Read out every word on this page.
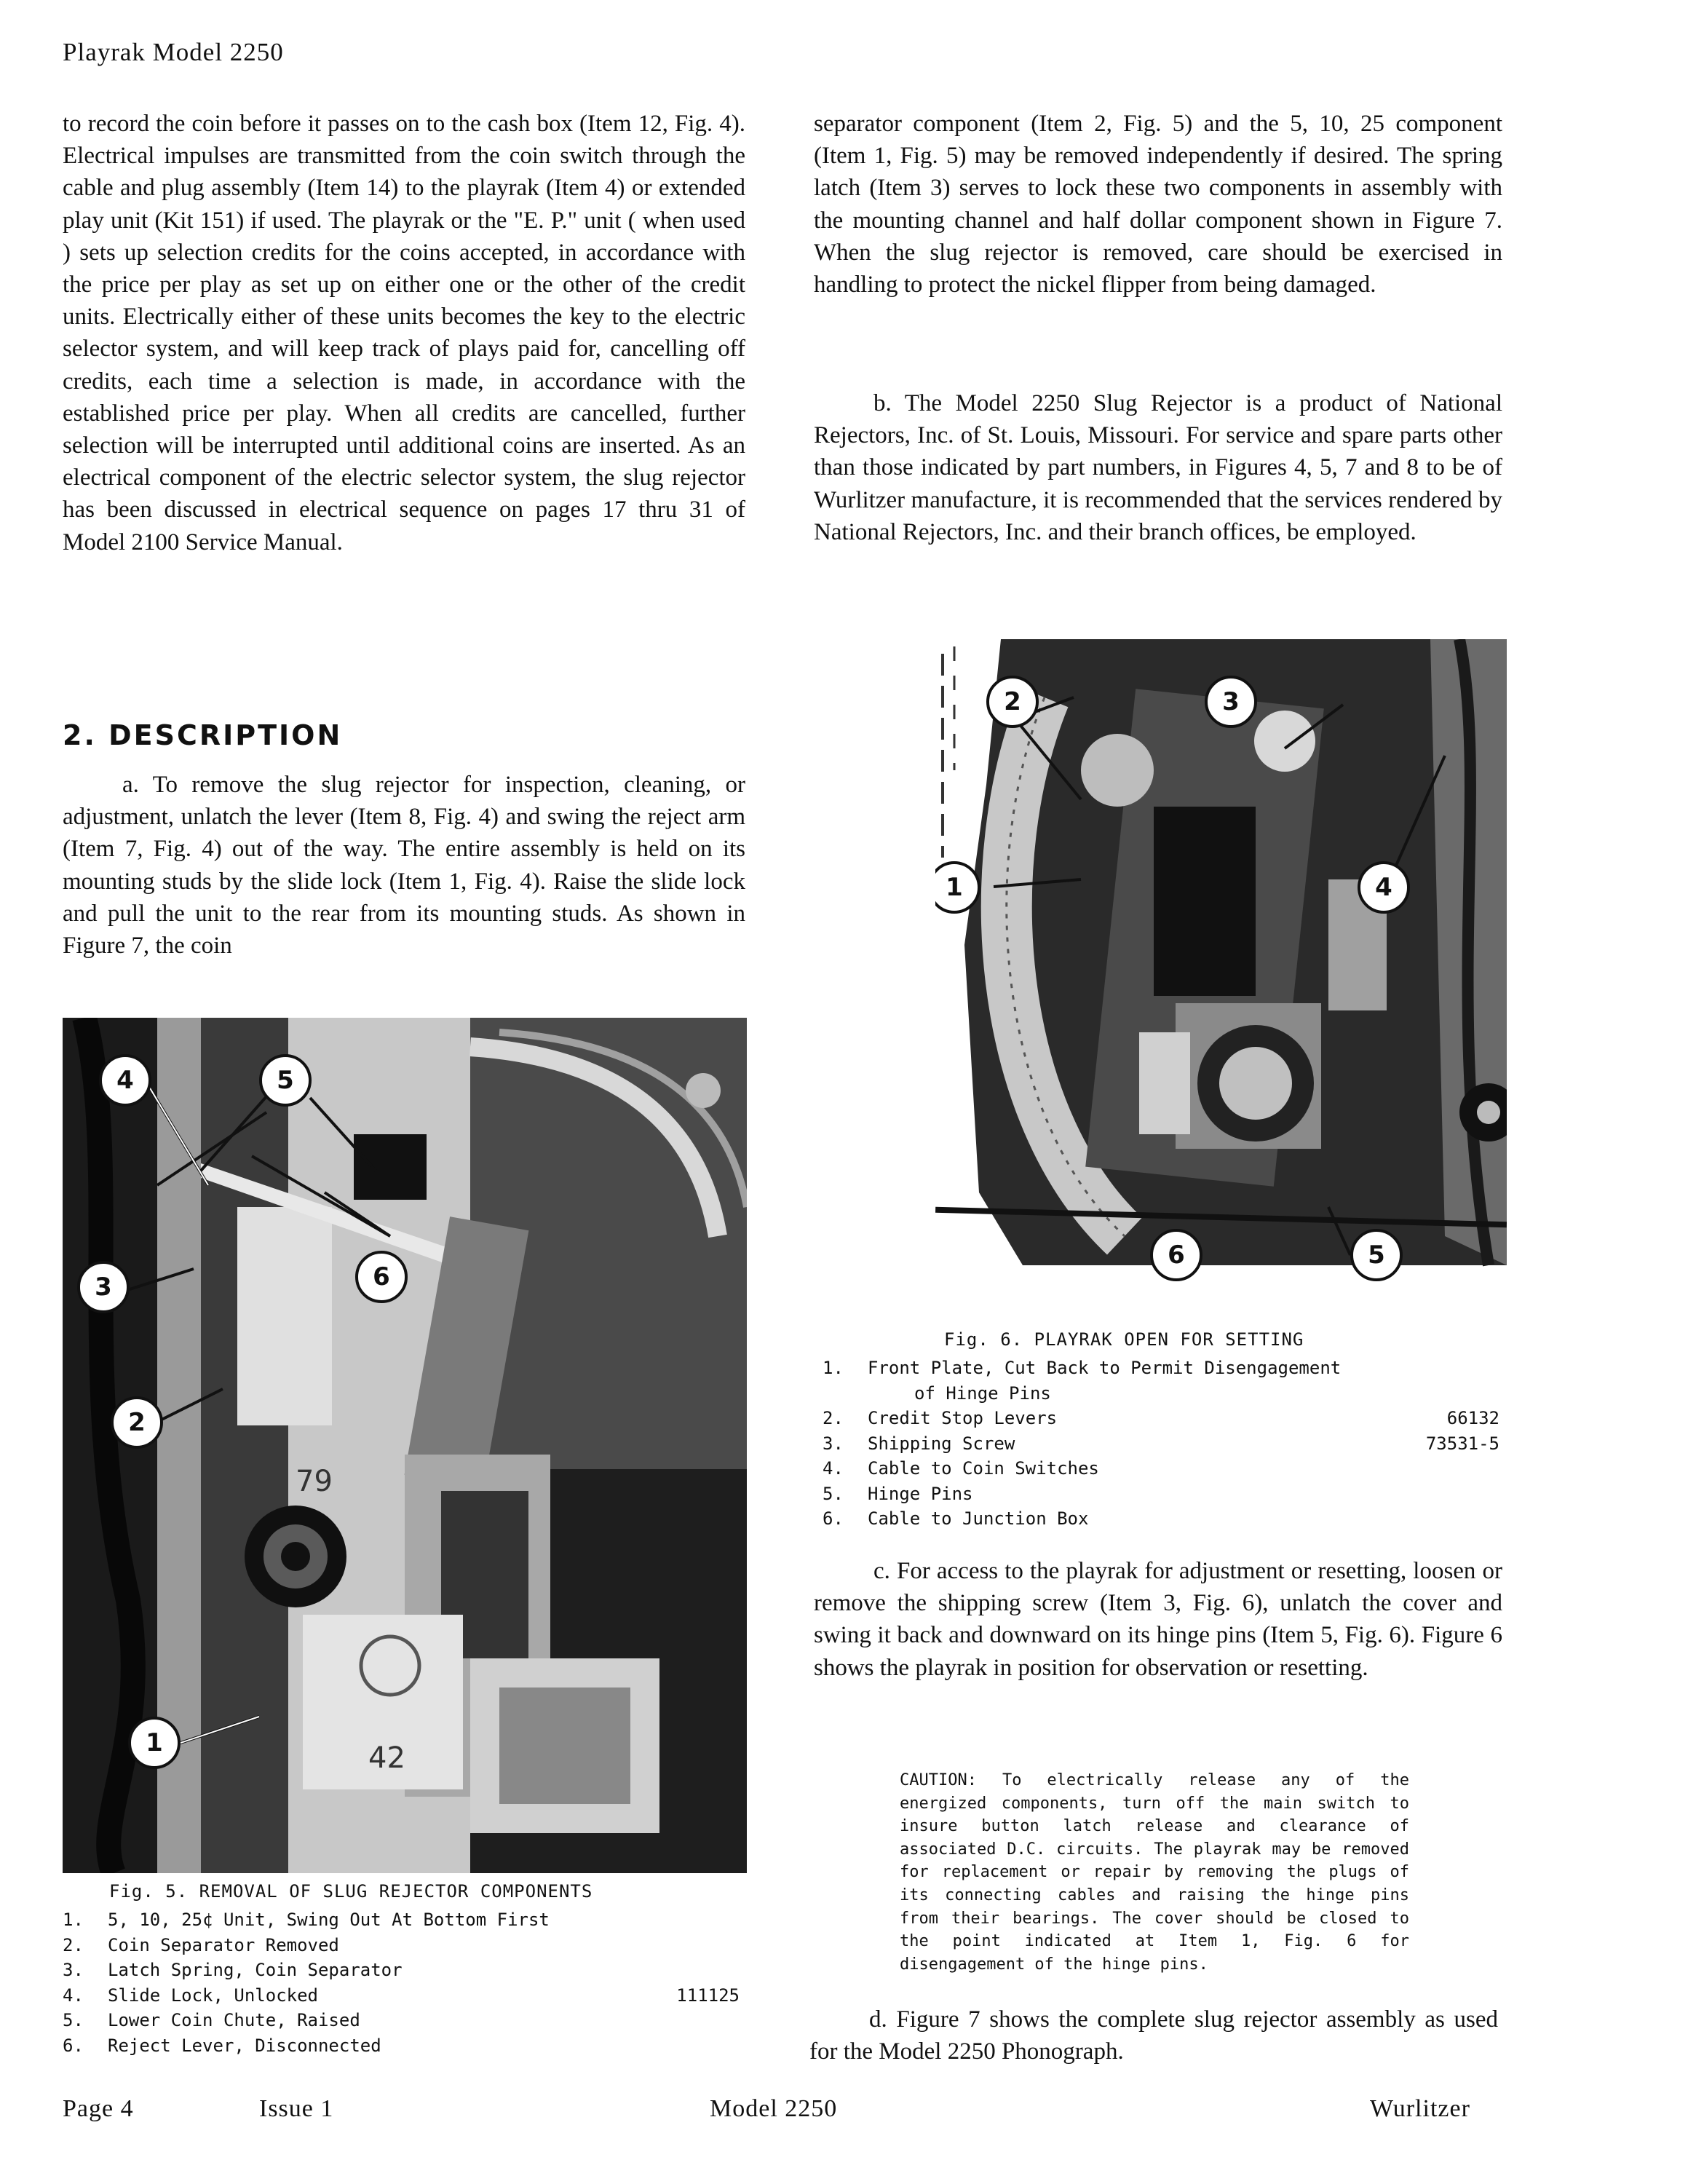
Playrak Model 2250

to record the coin before it passes on to the cash box (Item 12, Fig. 4). Electrical impulses are transmitted from the coin switch through the cable and plug assembly (Item 14) to the playrak (Item 4) or extended play unit (Kit 151) if used. The playrak or the "E. P." unit ( when used ) sets up selection credits for the coins accepted, in accordance with the price per play as set up on either one or the other of the credit units. Electrically either of these units becomes the key to the electric selector system, and will keep track of plays paid for, cancelling off credits, each time a selection is made, in accordance with the established price per play. When all credits are cancelled, further selection will be interrupted until additional coins are inserted. As an electrical component of the electric selector system, the slug rejector has been discussed in electrical sequence on pages 17 thru 31 of Model 2100 Service Manual.

2. DESCRIPTION

a. To remove the slug rejector for inspection, cleaning, or adjustment, unlatch the lever (Item 8, Fig. 4) and swing the reject arm (Item 7, Fig. 4) out of the way. The entire assembly is held on its mounting studs by the slide lock (Item 1, Fig. 4). Raise the slide lock and pull the unit to the rear from its mounting studs. As shown in Figure 7, the coin

42
79
4	5
3	6
2
1
Fig. 5. REMOVAL OF SLUG REJECTOR COMPONENTS
1. 5, 10, 25¢ Unit, Swing Out At Bottom First
2. Coin Separator Removed
3. Latch Spring, Coin Separator
4. Slide Lock, Unlocked	111125
5. Lower Coin Chute, Raised
6. Reject Lever, Disconnected

separator component (Item 2, Fig. 5) and the 5, 10, 25 component (Item 1, Fig. 5) may be removed independently if desired. The spring latch (Item 3) serves to lock these two components in assembly with the mounting channel and half dollar component shown in Figure 7. When the slug rejector is removed, care should be exercised in handling to protect the nickel flipper from being damaged.

b. The Model 2250 Slug Rejector is a product of National Rejectors, Inc. of St. Louis, Missouri. For service and spare parts other than those indicated by part numbers, in Figures 4, 5, 7 and 8 to be of Wurlitzer manufacture, it is recommended that the services rendered by National Rejectors, Inc. and their branch offices, be employed.

2	3
1	4
6	5
Fig. 6. PLAYRAK OPEN FOR SETTING
1. Front Plate, Cut Back to Permit Disengagement
of Hinge Pins
2. Credit Stop Levers	66132
3. Shipping Screw	73531-5
4. Cable to Coin Switches
5. Hinge Pins
6. Cable to Junction Box

c. For access to the playrak for adjustment or resetting, loosen or remove the shipping screw (Item 3, Fig. 6), unlatch the cover and swing it back and downward on its hinge pins (Item 5, Fig. 6). Figure 6 shows the playrak in position for observation or resetting.

CAUTION: To electrically release any of the energized components, turn off the main switch to insure button latch release and clearance of associated D.C. circuits. The playrak may be removed for replacement or repair by removing the plugs of its connecting cables and raising the hinge pins from their bearings. The cover should be closed to the point indicated at Item 1, Fig. 6 for disengagement of the hinge pins.

d. Figure 7 shows the complete slug rejector assembly as used for the Model 2250 Phonograph.

Page 4	Issue 1	Model 2250	Wurlitzer
